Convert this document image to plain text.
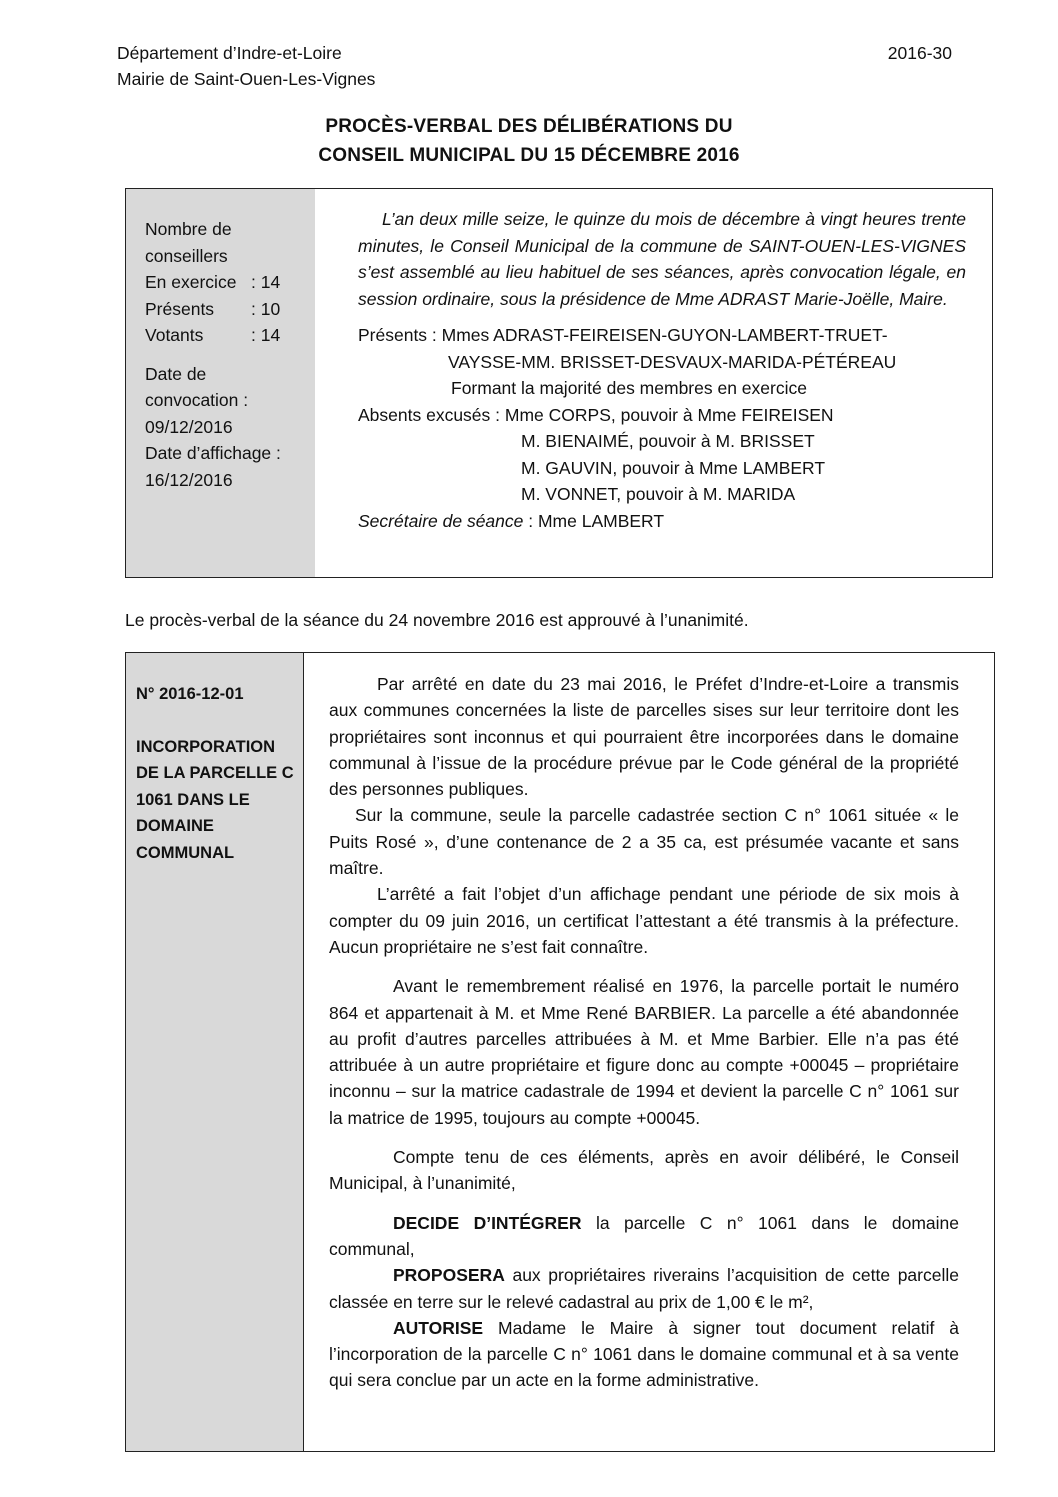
Département d’Indre-et-Loire
Mairie de Saint-Ouen-Les-Vignes
2016-30
PROCÈS-VERBAL DES DÉLIBÉRATIONS DU
CONSEIL MUNICIPAL DU 15 DÉCEMBRE 2016
Nombre de
conseillers
En exercice : 14
Présents : 10
Votants	: 14
Date de
convocation :
09/12/2016
Date d’affichage :
16/12/2016

L’an deux mille seize, le quinze du mois de décembre à vingt heures trente minutes, le Conseil Municipal de la commune de SAINT-OUEN-LES-VIGNES s’est assemblé au lieu habituel de ses séances, après convocation légale, en session ordinaire, sous la présidence de Mme ADRAST Marie-Joëlle, Maire.

Présents : Mmes ADRAST-FEIREISEN-GUYON-LAMBERT-TRUET-
VAYSSE-MM. BRISSET-DESVAUX-MARIDA-PÉTÉREAU
Formant la majorité des membres en exercice
Absents excusés : Mme CORPS, pouvoir à Mme FEIREISEN
M. BIENAIMÉ, pouvoir à M. BRISSET
M. GAUVIN, pouvoir à Mme LAMBERT
M. VONNET, pouvoir à M. MARIDA
Secrétaire de séance : Mme LAMBERT
Le procès-verbal de la séance du 24 novembre 2016 est approuvé à l’unanimité.
N° 2016-12-01
INCORPORATION DE LA PARCELLE C 1061 DANS LE DOMAINE COMMUNAL

Par arrêté en date du 23 mai 2016, le Préfet d’Indre-et-Loire a transmis aux communes concernées la liste de parcelles sises sur leur territoire dont les propriétaires sont inconnus et qui pourraient être incorporées dans le domaine communal à l’issue de la procédure prévue par le Code général de la propriété des personnes publiques.

Sur la commune, seule la parcelle cadastrée section C n° 1061 située « le Puits Rosé », d’une contenance de 2 a 35 ca, est présumée vacante et sans maître.

L’arrêté a fait l’objet d’un affichage pendant une période de six mois à compter du 09 juin 2016, un certificat l’attestant a été transmis à la préfecture. Aucun propriétaire ne s’est fait connaître.

Avant le remembrement réalisé en 1976, la parcelle portait le numéro 864 et appartenait à M. et Mme René BARBIER. La parcelle a été abandonnée au profit d’autres parcelles attribuées à M. et Mme Barbier. Elle n’a pas été attribuée à un autre propriétaire et figure donc au compte +00045 – propriétaire inconnu – sur la matrice cadastrale de 1994 et devient la parcelle C n° 1061 sur la matrice de 1995, toujours au compte +00045.

Compte tenu de ces éléments, après en avoir délibéré, le Conseil Municipal, à l’unanimité,

DECIDE D’INTÉGRER la parcelle C n° 1061 dans le domaine communal,

PROPOSERA aux propriétaires riverains l’acquisition de cette parcelle classée en terre sur le relevé cadastral au prix de 1,00 € le m²,

AUTORISE Madame le Maire à signer tout document relatif à l’incorporation de la parcelle C n° 1061 dans le domaine communal et à sa vente qui sera conclue par un acte en la forme administrative.
